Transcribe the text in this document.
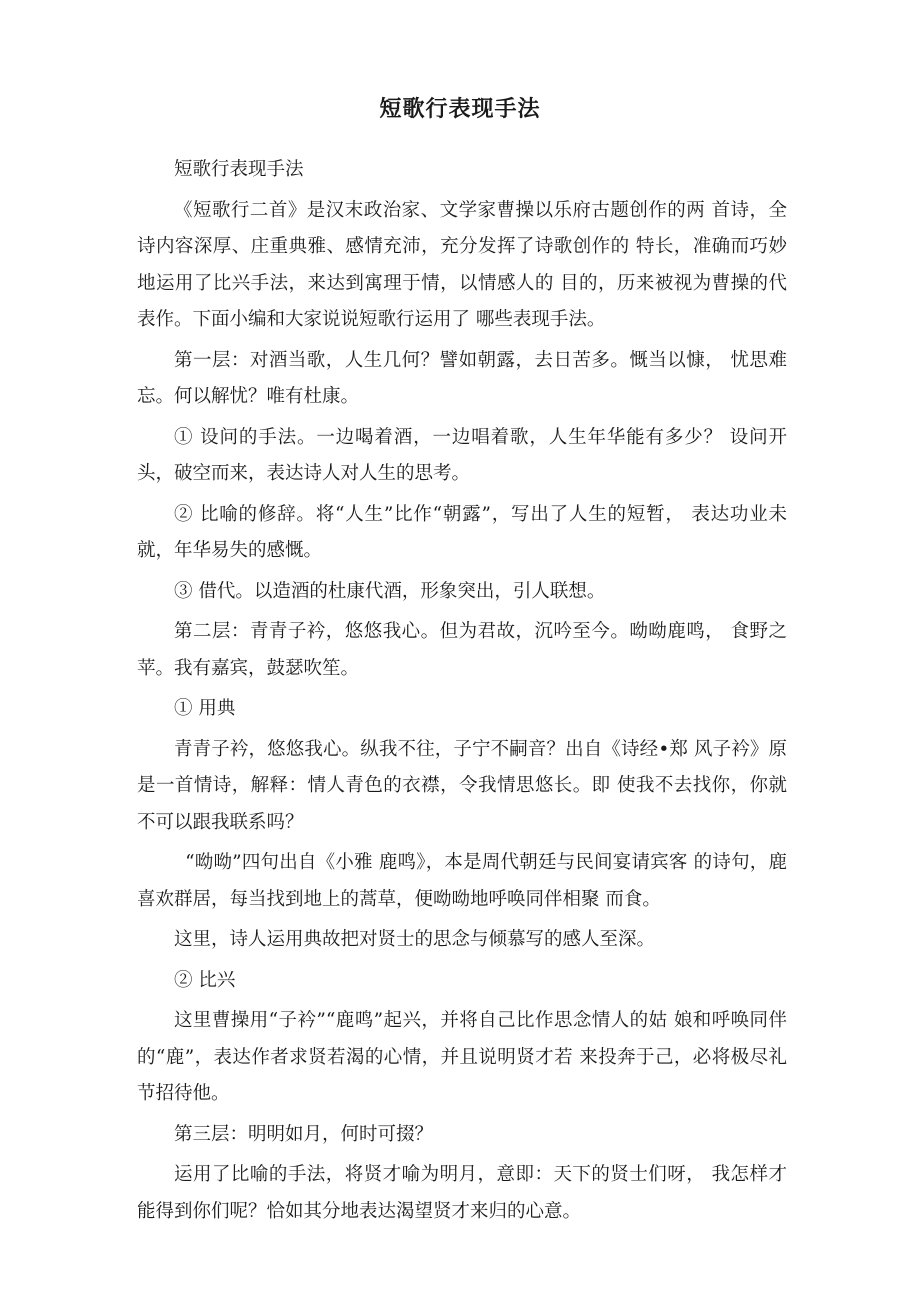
短歌行表现手法

短歌行表现手法

《短歌行二首》是汉末政治家、文学家曹操以乐府古题创作的两 首诗，全诗内容深厚、庄重典雅、感情充沛，充分发挥了诗歌创作的 特长，准确而巧妙地运用了比兴手法，来达到寓理于情，以情感人的 目的，历来被视为曹操的代表作。下面小编和大家说说短歌行运用了 哪些表现手法。

第一层：对酒当歌，人生几何？譬如朝露，去日苦多。慨当以慷， 忧思难忘。何以解忧？唯有杜康。

① 设问的手法。一边喝着酒，一边唱着歌，人生年华能有多少？ 设问开头，破空而来，表达诗人对人生的思考。

② 比喻的修辞。将“人生”比作“朝露”，写出了人生的短暂， 表达功业未就，年华易失的感慨。

③ 借代。以造酒的杜康代酒，形象突出，引人联想。

第二层：青青子衿，悠悠我心。但为君故，沉吟至今。呦呦鹿鸣， 食野之苹。我有嘉宾，鼓瑟吹笙。

① 用典

青青子衿，悠悠我心。纵我不往，子宁不嗣音？出自《诗经•郑 风子衿》原是一首情诗，解释：情人青色的衣襟，令我情思悠长。即 使我不去找你，你就不可以跟我联系吗？

“呦呦”四句出自《小雅 鹿鸣》，本是周代朝廷与民间宴请宾客 的诗句，鹿喜欢群居，每当找到地上的蒿草，便呦呦地呼唤同伴相聚 而食。

这里，诗人运用典故把对贤士的思念与倾慕写的感人至深。

② 比兴

这里曹操用“子衿”“鹿鸣”起兴，并将自己比作思念情人的姑 娘和呼唤同伴的“鹿”，表达作者求贤若渴的心情，并且说明贤才若 来投奔于己，必将极尽礼节招待他。

第三层：明明如月，何时可掇？

运用了比喻的手法，将贤才喻为明月，意即：天下的贤士们呀， 我怎样才能得到你们呢？恰如其分地表达渴望贤才来归的心意。
